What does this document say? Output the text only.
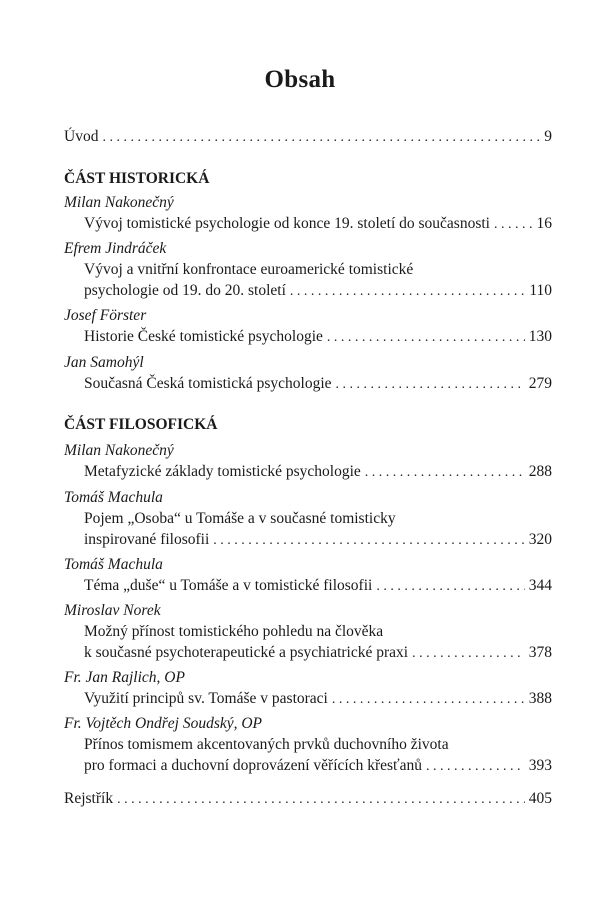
Obsah
Úvod . . .	9
ČÁST HISTORICKÁ
Milan Nakonečný
Vývoj tomistické psychologie od konce 19. století do současnosti . . .	16
Efrem Jindráček
Vývoj a vnitřní konfrontace euroamerické tomistické
psychologie od 19. do 20. století . . .	110
Josef Förster
Historie České tomistické psychologie . . .	130
Jan Samohýl
Současná Česká tomistická psychologie . . .	279
ČÁST FILOSOFICKÁ
Milan Nakonečný
Metafyzické základy tomistické psychologie . . .	288
Tomáš Machula
Pojem „Osoba“ u Tomáše a v současné tomisticky
inspirované filosofii . . .	320
Tomáš Machula
Téma „duše“ u Tomáše a v tomistické filosofii . . .	344
Miroslav Norek
Možný přínost tomistického pohledu na člověka
k současné psychoterapeutické a psychiatrické praxi . . .	378
Fr. Jan Rajlich, OP
Využití principů sv. Tomáše v pastoraci . . .	388
Fr. Vojtěch Ondřej Soudský, OP
Přínos tomismem akcentovaných prvků duchovního života
pro formaci a duchovní doprovázení věřících křesťanů . . .	393
Rejstřík . . .	405
